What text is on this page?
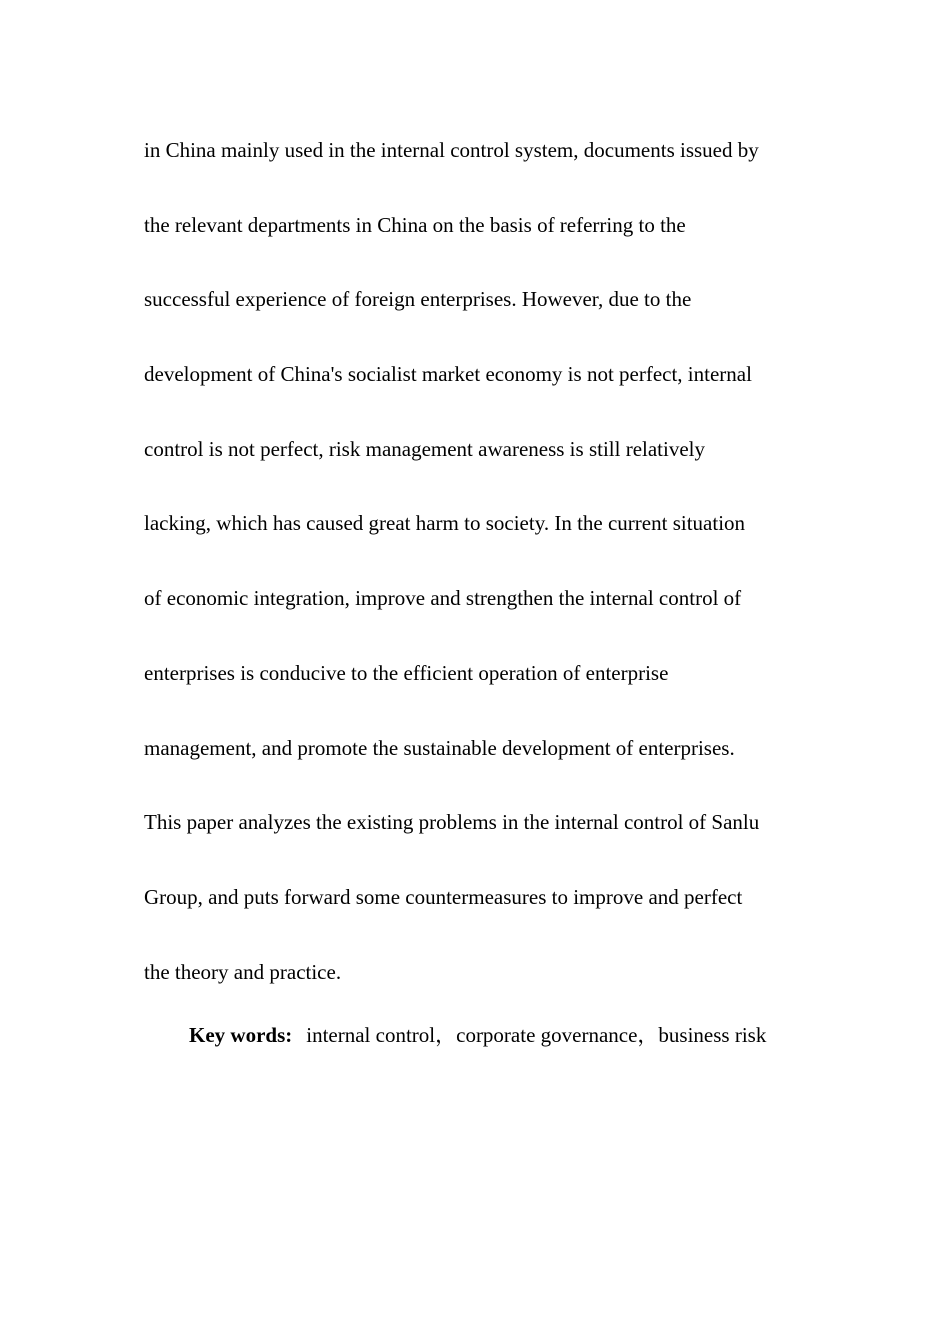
in China mainly used in the internal control system, documents issued by
the relevant departments in China on the basis of referring to the
successful experience of foreign enterprises. However, due to the
development of China's socialist market economy is not perfect, internal
control is not perfect, risk management awareness is still relatively
lacking, which has caused great harm to society. In the current situation
of economic integration, improve and strengthen the internal control of
enterprises is conducive to the efficient operation of enterprise
management, and promote the sustainable development of enterprises.
This paper analyzes the existing problems in the internal control of Sanlu
Group, and puts forward some countermeasures to improve and perfect
the theory and practice.

Key words: internal control，corporate governance，business risk
